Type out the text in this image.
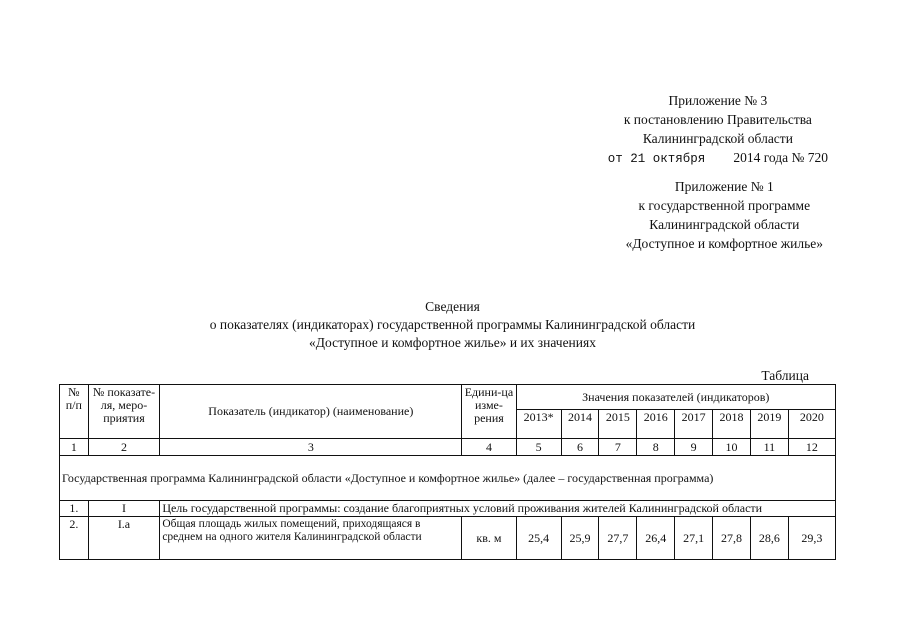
Приложение № 3
к постановлению Правительства
Калининградской области
от 21 октября 2014 года № 720
Приложение № 1
к государственной программе
Калининградской области
«Доступное и комфортное жилье»
Сведения
о показателях (индикаторах) государственной программы Калининградской области
«Доступное и комфортное жилье» и их значениях
Таблица
№ п/п	№ показате-ля, меро-приятия	Показатель (индикатор) (наименование)	Едини-ца изме-рения	Значения показателей (индикаторов)							
				2013*	2014	2015	2016	2017	2018	2019	2020
1	2	3	4	5	6	7	8	9	10	11	12
Государственная программа Калининградской области «Доступное и комфортное жилье» (далее – государственная программа)											
1.	I	Цель государственной программы: создание благоприятных условий проживания жителей Калининградской области									
2.	I.а	Общая площадь жилых помещений, приходящаяся в среднем на одного жителя Калининградской области	кв. м	25,4	25,9	27,7	26,4	27,1	27,8	28,6	29,3
